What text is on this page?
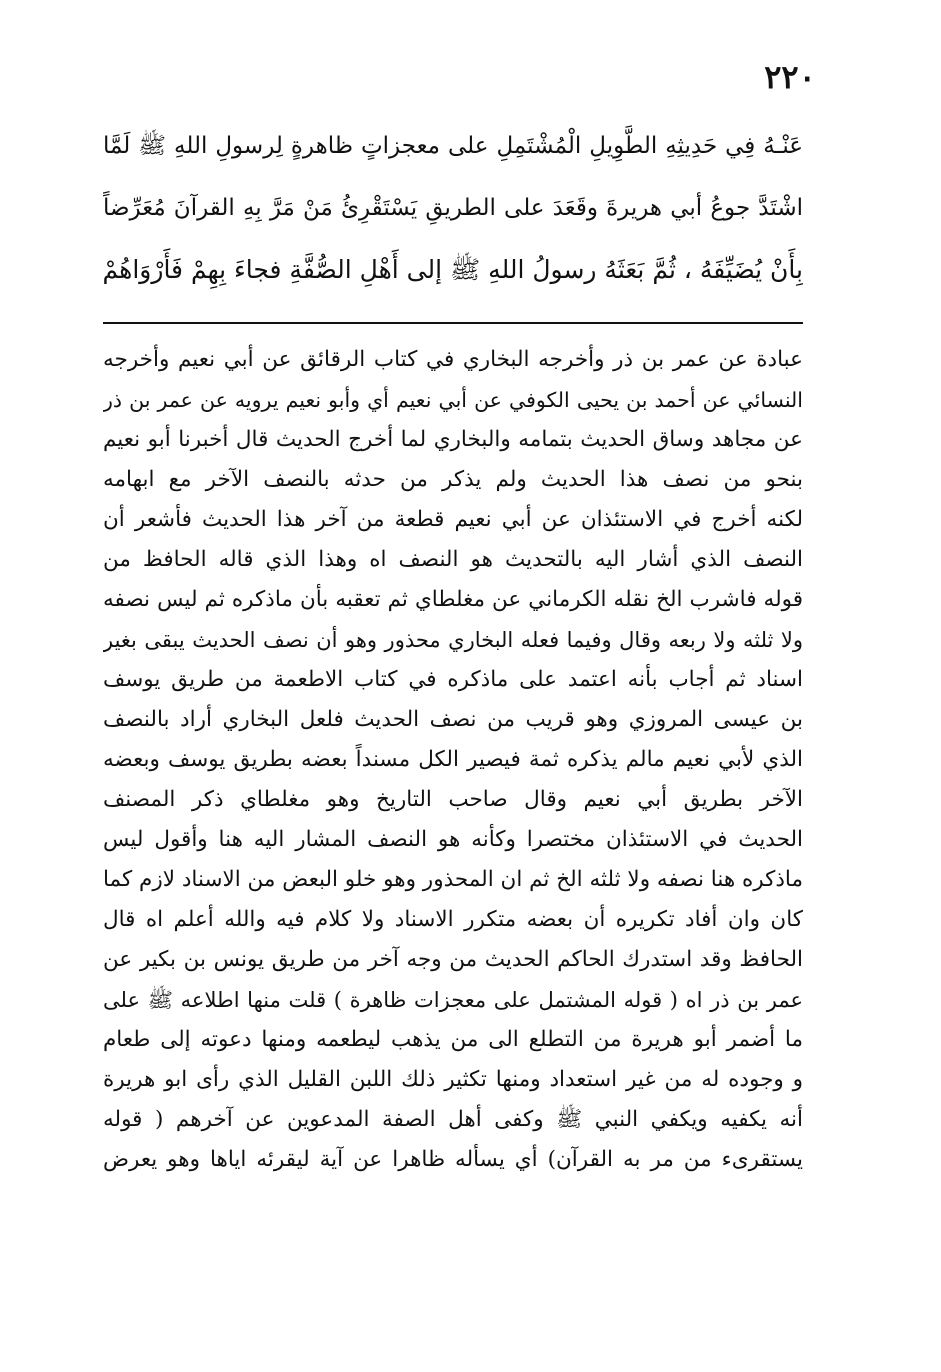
٢٢٠
عَنْـهُ فِي حَدِيثِهِ الطَّوِيلِ الْمُشْتَمِلِ على معجزاتٍ ظاهرةٍ لِرسولِ اللهِ ﷺ لَمَّا
اشْتَدَّ جوعُ أبي هريرةَ وقَعَدَ على الطريقِ يَسْتَقْرِئُ مَنْ مَرَّ بِهِ القرآنَ مُعَرِّضاً
بِأَنْ يُضَيِّفَهُ ، ثُمَّ بَعَثَهُ رسولُ اللهِ ﷺ إلى أَهْلِ الصُّفَّةِ فجاءَ بِهِمْ فَأَرْوَاهُمْ
عبادة عن عمر بن ذر وأخرجه البخاري في كتاب الرقائق عن أبي نعيم وأخرجه
النسائي عن أحمد بن يحيى الكوفي عن أبي نعيم أي وأبو نعيم يرويه عن عمر بن ذر
عن مجاهد وساق الحديث بتمامه والبخاري لما أخرج الحديث قال أخبرنا أبو نعيم
بنحو من نصف هذا الحديث ولم يذكر من حدثه بالنصف الآخر مع ابهامه
لكنه أخرج في الاستئذان عن أبي نعيم قطعة من آخر هذا الحديث فأشعر أن
النصف الذي أشار اليه بالتحديث هو النصف اه وهذا الذي قاله الحافظ من
قوله فاشرب الخ نقله الكرماني عن مغلطاي ثم تعقبه بأن ماذكره ثم ليس نصفه
ولا ثلثه ولا ربعه وقال وفيما فعله البخاري محذور وهو أن نصف الحديث يبقى بغير
اسناد ثم أجاب بأنه اعتمد على ماذكره في كتاب الاطعمة من طريق يوسف
بن عيسى المروزي وهو قريب من نصف الحديث فلعل البخاري أراد بالنصف
الذي لأبي نعيم مالم يذكره ثمة فيصير الكل مسنداً بعضه بطريق يوسف وبعضه
الآخر بطريق أبي نعيم وقال صاحب التاريخ وهو مغلطاي ذكر المصنف
الحديث في الاستئذان مختصرا وكأنه هو النصف المشار اليه هنا وأقول ليس
ماذكره هنا نصفه ولا ثلثه الخ ثم ان المحذور وهو خلو البعض من الاسناد لازم كما
كان وان أفاد تكريره أن بعضه متكرر الاسناد ولا كلام فيه والله أعلم اه قال
الحافظ وقد استدرك الحاكم الحديث من وجه آخر من طريق يونس بن بكير عن
عمر بن ذر اه ( قوله المشتمل على معجزات ظاهرة ) قلت منها اطلاعه ﷺ على
ما أضمر أبو هريرة من التطلع الى من يذهب ليطعمه ومنها دعوته إلى طعام
و وجوده له من غير استعداد ومنها تكثير ذلك اللبن القليل الذي رأى ابو هريرة
أنه يكفيه ويكفي النبي ﷺ وكفى أهل الصفة المدعوين عن آخرهم ( قوله
يستقرىء من مر به القرآن) أي يسأله ظاهرا عن آية ليقرئه اياها وهو يعرض
